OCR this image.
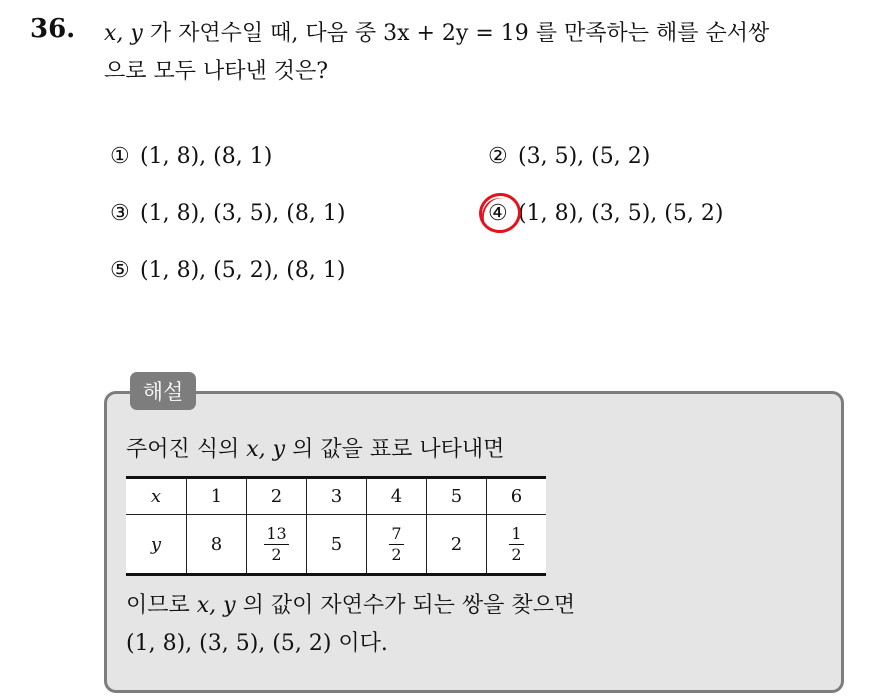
36. x, y 가 자연수일 때, 다음 중 3x + 2y = 19 를 만족하는 해를 순서쌍
으로 모두 나타낸 것은?
① (1, 8), (8, 1)	② (3, 5), (5, 2)
③ (1, 8), (3, 5), (8, 1)	④ (1, 8), (3, 5), (5, 2)
⑤ (1, 8), (5, 2), (8, 1)
해설
주어진 식의 x, y 의 값을 표로 나타내면
x	1	2	3	4	5	6
y	8	$\frac{13}{2}$	5	$\frac{7}{2}$	2	$\frac{1}{2}$
이므로 x, y 의 값이 자연수가 되는 쌍을 찾으면
(1, 8), (3, 5), (5, 2) 이다.
